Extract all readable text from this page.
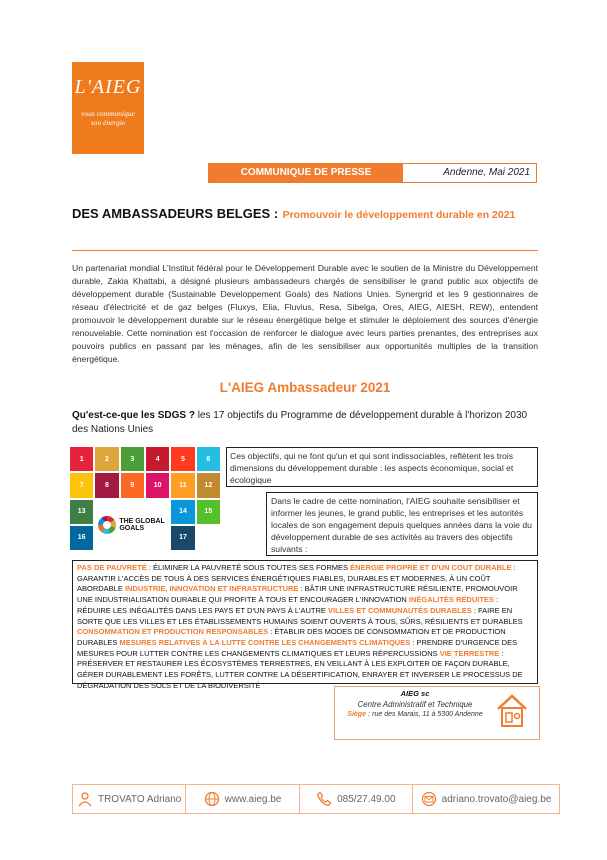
L'AIEG
vous communique
son énergie
COMMUNIQUE DE PRESSE	Andenne, Mai 2021
DES AMBASSADEURS BELGES : Promouvoir le développement durable en 2021
Un partenariat mondial L'Institut fédéral pour le Développement Durable avec le soutien de la Ministre du Développement durable, Zakia Khattabi, a désigné plusieurs ambassadeurs chargés de sensibiliser le grand public aux objectifs de développement durable (Sustainable Developpement Goals) des Nations Unies. Synergrid et les 9 gestionnaires de réseau d'électricité et de gaz belges (Fluxys, Elia, Fluvius, Resa, Sibelga, Ores, AIEG, AIESH, REW), entendent promouvoir le développement durable sur le réseau énergétique belge et stimuler le déploiement des sources d'énergie renouvelable. Cette nomination est l'occasion de renforcer le dialogue avec leurs parties prenantes, des entreprises aux pouvoirs publics en passant par les ménages, afin de les sensibiliser aux opportunités multiples de la transition énergétique.
L'AIEG Ambassadeur 2021
Qu'est-ce-que les SDGS ? les 17 objectifs du Programme de développement durable à l'horizon 2030 des Nations Unies
1	2	3	4	5	6
7	8	9	10	11	12
13
THE GLOBAL GOALS
14	15
16	17
Ces objectifs, qui ne font qu'un et qui sont indissociables, reflètent les trois dimensions du développement durable : les aspects économique, social et écologique
Dans le cadre de cette nomination, l'AIEG souhaite sensibiliser et informer les jeunes, le grand public, les entreprises et les autorités locales de son engagement depuis quelques années dans la voie du développement durable de ses activités au travers des objectifs suivants :
PAS DE PAUVRETÉ : ÉLIMINER LA PAUVRETÉ SOUS TOUTES SES FORMES ÉNERGIE PROPRE ET D'UN COUT DURABLE : GARANTIR L'ACCÈS DE TOUS À DES SERVICES ÉNERGÉTIQUES FIABLES, DURABLES ET MODERNES, À UN COÛT ABORDABLE INDUSTRIE, INNOVATION ET INFRASTRUCTURE : BÂTIR UNE INFRASTRUCTURE RÉSILIENTE, PROMOUVOIR UNE INDUSTRIALISATION DURABLE QUI PROFITE À TOUS ET ENCOURAGER L'INNOVATION INÉGALITÉS RÉDUITES : RÉDUIRE LES INÉGALITÉS DANS LES PAYS ET D'UN PAYS À L'AUTRE VILLES ET COMMUNAUTÉS DURABLES : FAIRE EN SORTE QUE LES VILLES ET LES ÉTABLISSEMENTS HUMAINS SOIENT OUVERTS À TOUS, SÛRS, RÉSILIENTS ET DURABLES CONSOMMATION ET PRODUCTION RESPONSABLES : ÉTABLIR DES MODES DE CONSOMMATION ET DE PRODUCTION DURABLES MESURES RELATIVES À LA LUTTE CONTRE LES CHANGEMENTS CLIMATIQUES : PRENDRE D'URGENCE DES MESURES POUR LUTTER CONTRE LES CHANGEMENTS CLIMATIQUES ET LEURS RÉPERCUSSIONS VIE TERRESTRE : PRÉSERVER ET RESTAURER LES ÉCOSYSTÈMES TERRESTRES, EN VEILLANT À LES EXPLOITER DE FAÇON DURABLE, GÉRER DURABLEMENT LES FORÊTS, LUTTER CONTRE LA DÉSERTIFICATION, ENRAYER ET INVERSER LE PROCESSUS DE DÉGRADATION DES SOLS ET DE LA BIODIVERSITÉ
AIEG sc
Centre Administratif et Technique
Siège : rue des Marais, 11 à 5300 Andenne
TROVATO Adriano	www.aieg.be	085/27.49.00	adriano.trovato@aieg.be
